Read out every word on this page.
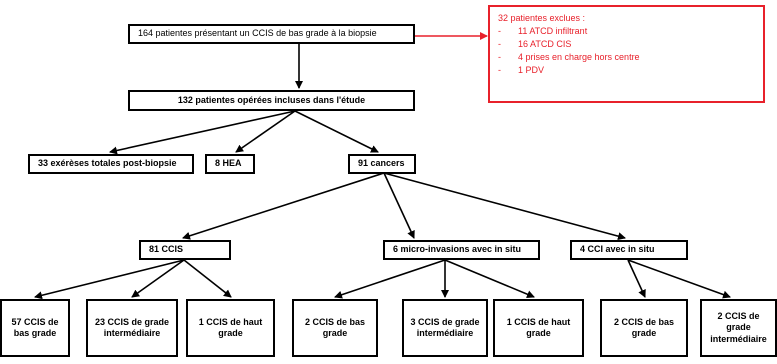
164 patientes présentant un CCIS de bas grade à la biopsie
32 patientes exclues :
-	11 ATCD infiltrant
-	16 ATCD CIS
-	4 prises en charge hors centre
-	1 PDV
132 patientes opérées incluses dans l'étude
33 exérèses totales post-biopsie	8 HEA	91 cancers
81 CCIS	6 micro-invasions avec in situ	4 CCI avec in situ
57 CCIS de bas grade
23 CCIS de grade intermédiaire
1 CCIS de haut grade
2 CCIS de bas grade
3 CCIS de grade intermédiaire
1 CCIS de haut grade
2 CCIS de bas grade
2 CCIS de grade intermédiaire
